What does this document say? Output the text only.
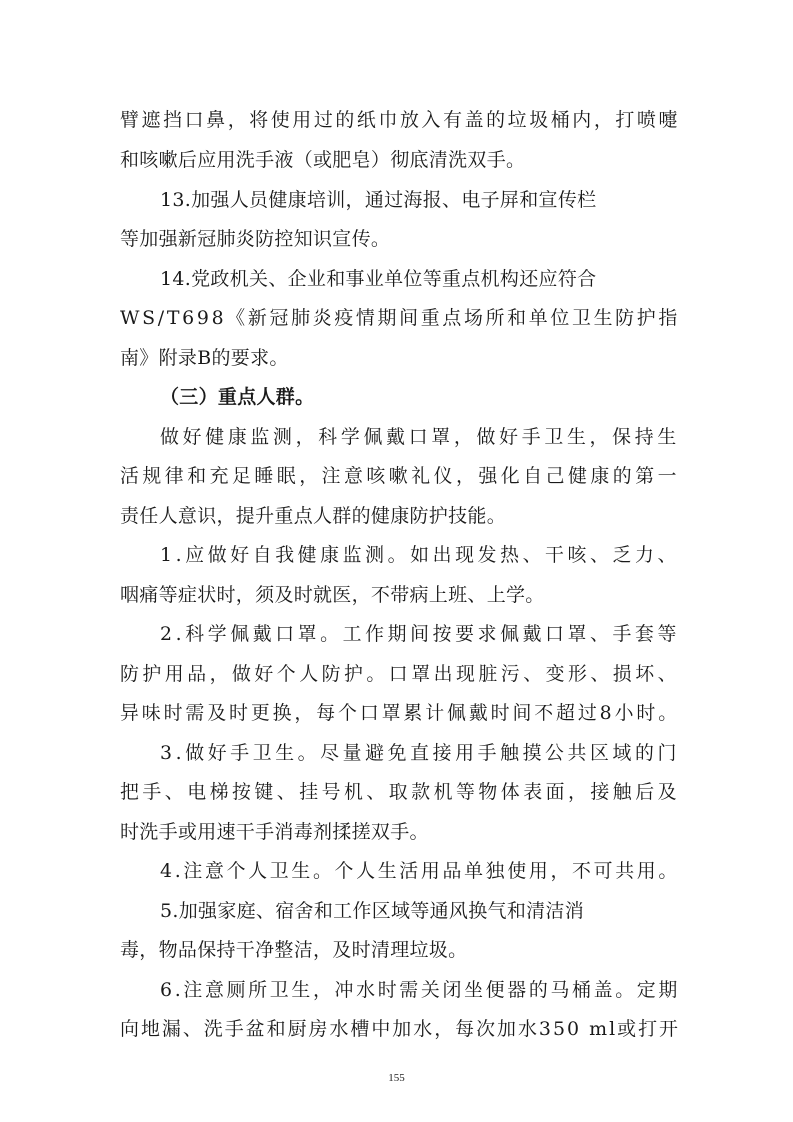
臂遮挡口鼻，将使用过的纸巾放入有盖的垃圾桶内，打喷嚏
和咳嗽后应用洗手液（或肥皂）彻底清洗双手。
13.加强人员健康培训，通过海报、电子屏和宣传栏
等加强新冠肺炎防控知识宣传。
14.党政机关、企业和事业单位等重点机构还应符合
WS/T698《新冠肺炎疫情期间重点场所和单位卫生防护指
南》附录B的要求。
（三）重点人群。
做好健康监测，科学佩戴口罩，做好手卫生，保持生
活规律和充足睡眠，注意咳嗽礼仪，强化自己健康的第一
责任人意识，提升重点人群的健康防护技能。
1.应做好自我健康监测。如出现发热、干咳、乏力、
咽痛等症状时，须及时就医，不带病上班、上学。
2.科学佩戴口罩。工作期间按要求佩戴口罩、手套等
防护用品，做好个人防护。口罩出现脏污、变形、损坏、
异味时需及时更换，每个口罩累计佩戴时间不超过8小时。
3.做好手卫生。尽量避免直接用手触摸公共区域的门
把手、电梯按键、挂号机、取款机等物体表面，接触后及
时洗手或用速干手消毒剂揉搓双手。
4.注意个人卫生。个人生活用品单独使用，不可共用。
5.加强家庭、宿舍和工作区域等通风换气和清洁消
毒，物品保持干净整洁，及时清理垃圾。
6.注意厕所卫生，冲水时需关闭坐便器的马桶盖。定期
向地漏、洗手盆和厨房水槽中加水，每次加水350 ml或打开
155
